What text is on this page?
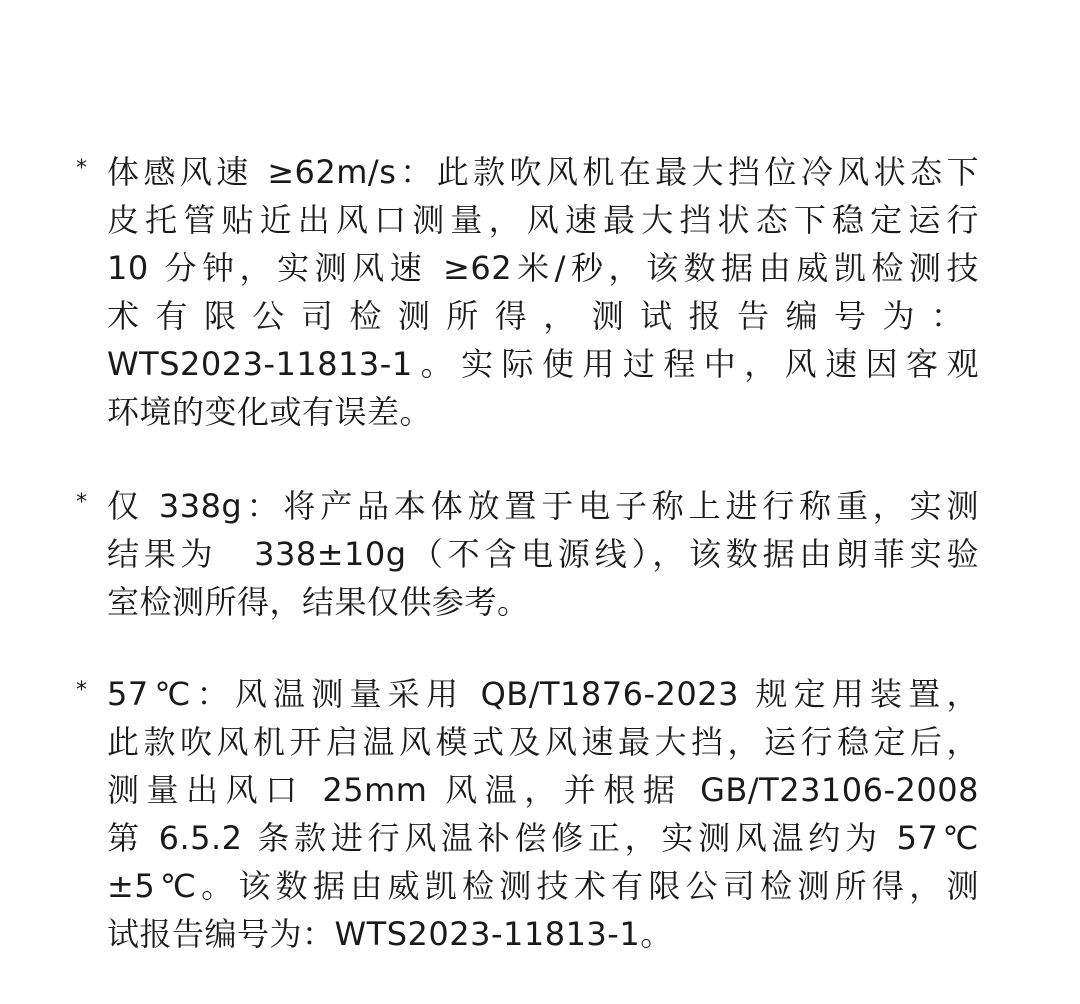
* 体感风速 ≥62m/s：此款吹风机在最大挡位冷风状态下
皮托管贴近出风口测量，风速最大挡状态下稳定运行
10 分钟，实测风速 ≥62米/秒，该数据由威凯检测技
术有限公司检测所得，测试报告编号为：
WTS2023-11813-1。实际使用过程中，风速因客观
环境的变化或有误差。
* 仅 338g：将产品本体放置于电子称上进行称重，实测
结果为　338±10g（不含电源线），该数据由朗菲实验
室检测所得，结果仅供参考。
* 57℃：风温测量采用 QB/T1876-2023 规定用装置，
此款吹风机开启温风模式及风速最大挡，运行稳定后，
测量出风口 25mm 风温，并根据 GB/T23106-2008
第 6.5.2 条款进行风温补偿修正，实测风温约为 57℃
±5℃。该数据由威凯检测技术有限公司检测所得，测
试报告编号为：WTS2023-11813-1。
